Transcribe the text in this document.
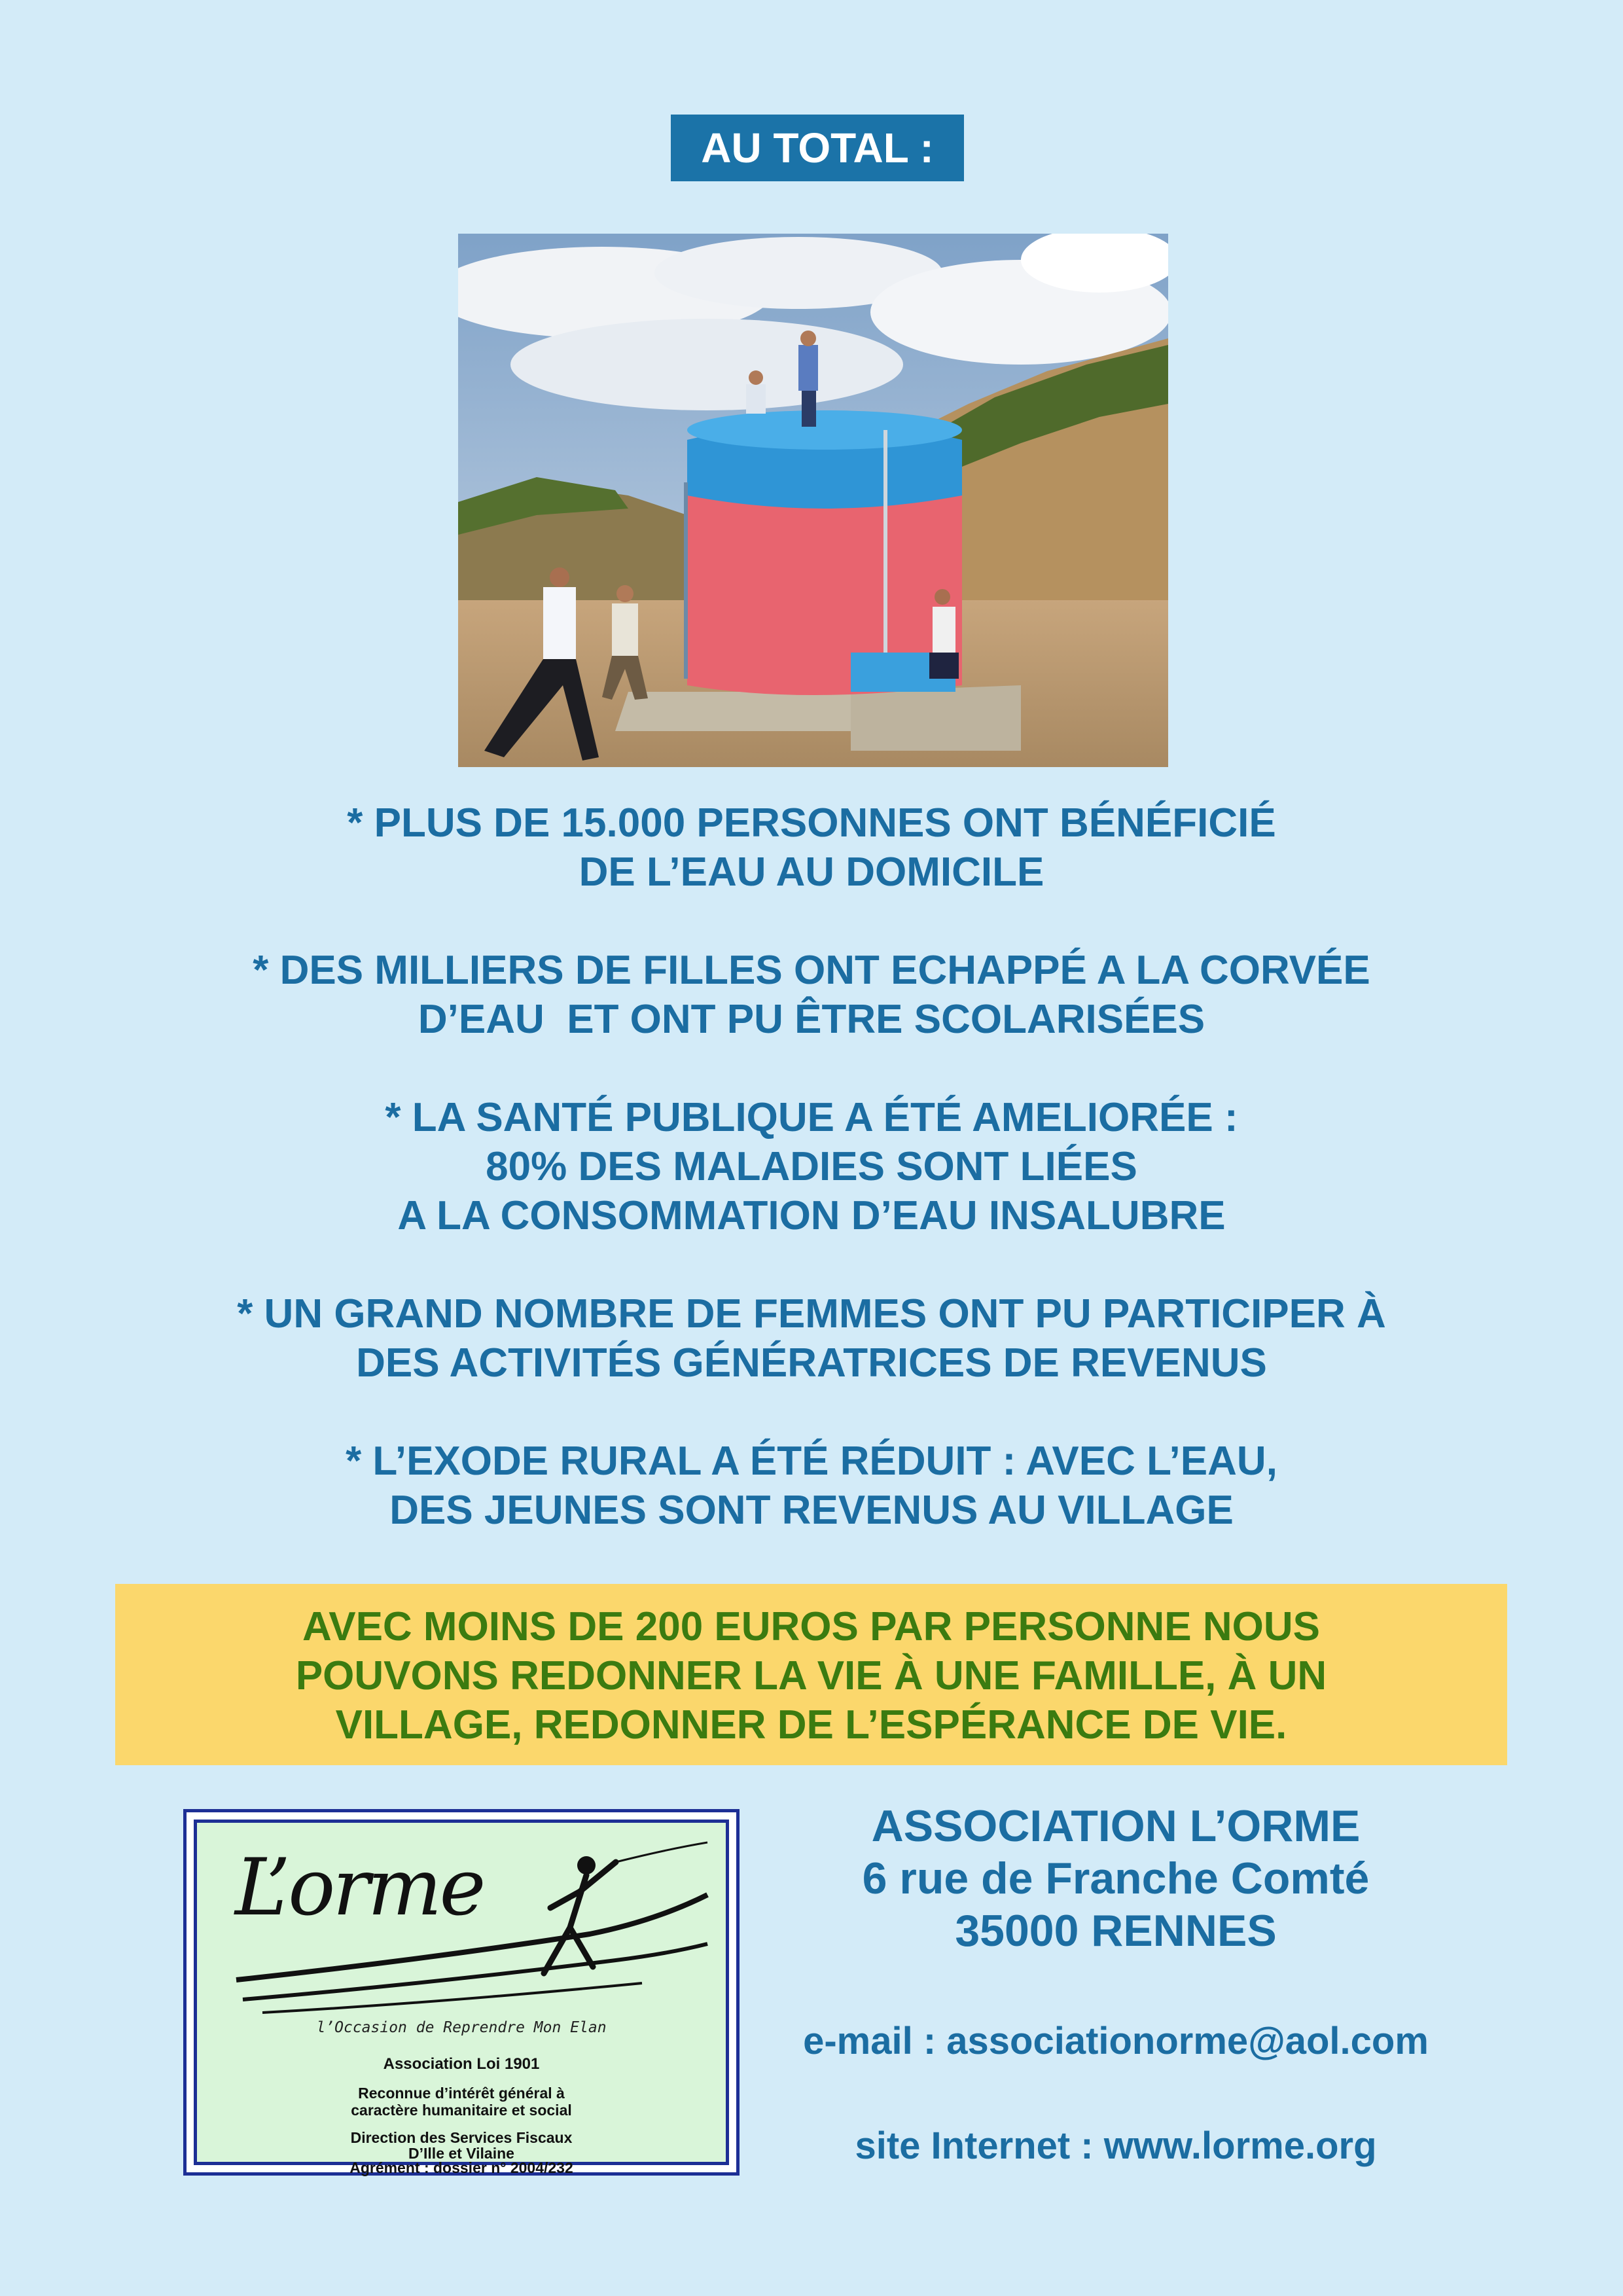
AU TOTAL :
* PLUS DE 15.000 PERSONNES ONT BÉNÉFICIÉ
DE L’EAU AU DOMICILE
* DES MILLIERS DE FILLES ONT ECHAPPÉ A LA CORVÉE
D’EAU  ET ONT PU ÊTRE SCOLARISÉES
* LA SANTÉ PUBLIQUE A ÉTÉ AMELIORÉE :
80% DES MALADIES SONT LIÉES
A LA CONSOMMATION D’EAU INSALUBRE
* UN GRAND NOMBRE DE FEMMES ONT PU PARTICIPER À
DES ACTIVITÉS GÉNÉRATRICES DE REVENUS
* L’EXODE RURAL A ÉTÉ RÉDUIT : AVEC L’EAU,
DES JEUNES SONT REVENUS AU VILLAGE
AVEC MOINS DE 200 EUROS PAR PERSONNE NOUS
POUVONS REDONNER LA VIE À UNE FAMILLE, À UN
VILLAGE, REDONNER DE L’ESPÉRANCE DE VIE.
L’orme
l’Occasion de Reprendre Mon Elan
Association Loi 1901
Reconnue d’intérêt général à
caractère humanitaire et social
Direction des Services Fiscaux
D’Ille et Vilaine
Agrément : dossier n° 2004/232
ASSOCIATION L’ORME
6 rue de Franche Comté
35000 RENNES
e-mail : associationorme@aol.com
site Internet : www.lorme.org
